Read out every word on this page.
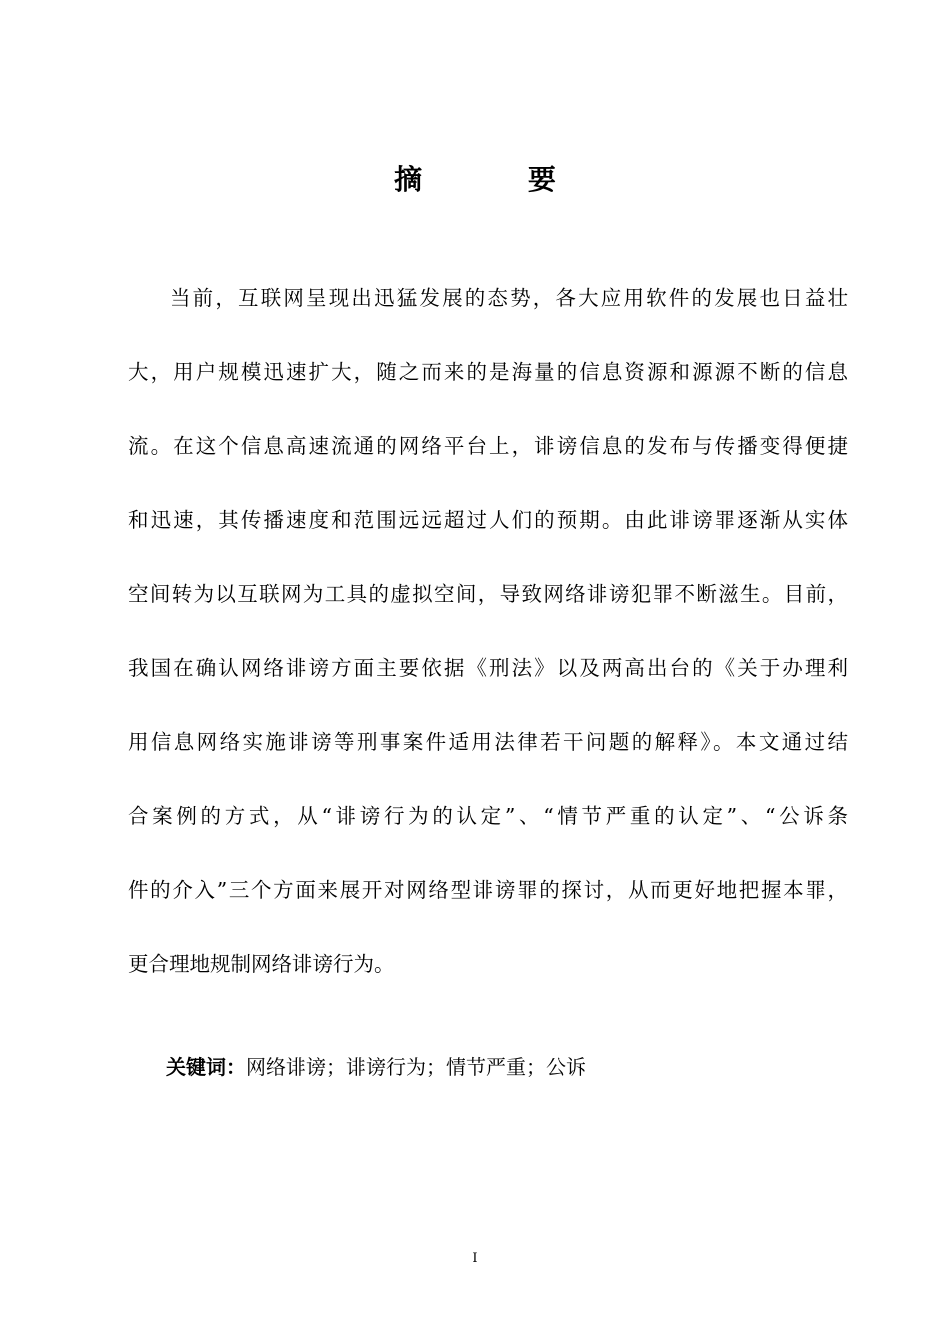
摘 要
当前，互联网呈现出迅猛发展的态势，各大应用软件的发展也日益壮
大，用户规模迅速扩大，随之而来的是海量的信息资源和源源不断的信息
流。在这个信息高速流通的网络平台上，诽谤信息的发布与传播变得便捷
和迅速，其传播速度和范围远远超过人们的预期。由此诽谤罪逐渐从实体
空间转为以互联网为工具的虚拟空间，导致网络诽谤犯罪不断滋生。目前，
我国在确认网络诽谤方面主要依据《刑法》以及两高出台的《关于办理利
用信息网络实施诽谤等刑事案件适用法律若干问题的解释》。本文通过结
合案例的方式，从“诽谤行为的认定”、“情节严重的认定”、“公诉条
件的介入”三个方面来展开对网络型诽谤罪的探讨，从而更好地把握本罪，
更合理地规制网络诽谤行为。
关键词：网络诽谤；诽谤行为；情节严重；公诉
I
